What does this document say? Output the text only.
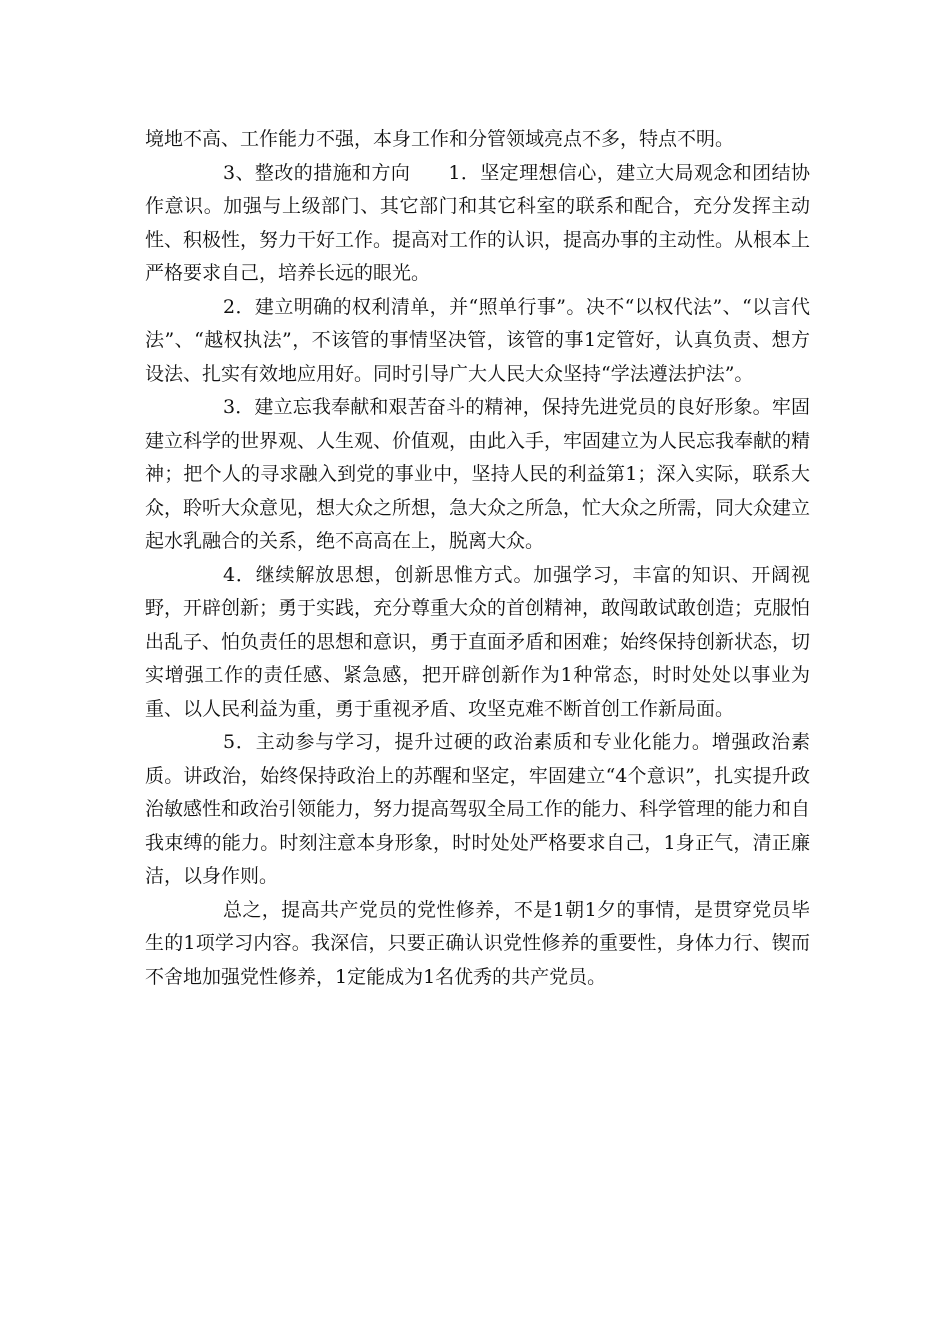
境地不高、工作能力不强，本身工作和分管领域亮点不多，特点不明。

3、整改的措施和方向 1．坚定理想信心，建立大局观念和团结协作意识。加强与上级部门、其它部门和其它科室的联系和配合，充分发挥主动性、积极性，努力干好工作。提高对工作的认识，提高办事的主动性。从根本上严格要求自己，培养长远的眼光。

2．建立明确的权利清单，并“照单行事”。决不“以权代法”、“以言代法”、“越权执法”，不该管的事情坚决管，该管的事1定管好，认真负责、想方设法、扎实有效地应用好。同时引导广大人民大众坚持“学法遵法护法”。

3．建立忘我奉献和艰苦奋斗的精神，保持先进党员的良好形象。牢固建立科学的世界观、人生观、价值观，由此入手，牢固建立为人民忘我奉献的精神；把个人的寻求融入到党的事业中，坚持人民的利益第1；深入实际，联系大众，聆听大众意见，想大众之所想，急大众之所急，忙大众之所需，同大众建立起水乳融合的关系，绝不高高在上，脱离大众。

4．继续解放思想，创新思惟方式。加强学习，丰富的知识、开阔视野，开辟创新；勇于实践，充分尊重大众的首创精神，敢闯敢试敢创造；克服怕出乱子、怕负责任的思想和意识，勇于直面矛盾和困难；始终保持创新状态，切实增强工作的责任感、紧急感，把开辟创新作为1种常态，时时处处以事业为重、以人民利益为重，勇于重视矛盾、攻坚克难不断首创工作新局面。

5．主动参与学习，提升过硬的政治素质和专业化能力。增强政治素质。讲政治，始终保持政治上的苏醒和坚定，牢固建立“4个意识”，扎实提升政治敏感性和政治引领能力，努力提高驾驭全局工作的能力、科学管理的能力和自我束缚的能力。时刻注意本身形象，时时处处严格要求自己，1身正气，清正廉洁，以身作则。

总之，提高共产党员的党性修养，不是1朝1夕的事情，是贯穿党员毕生的1项学习内容。我深信，只要正确认识党性修养的重要性，身体力行、锲而不舍地加强党性修养，1定能成为1名优秀的共产党员。
